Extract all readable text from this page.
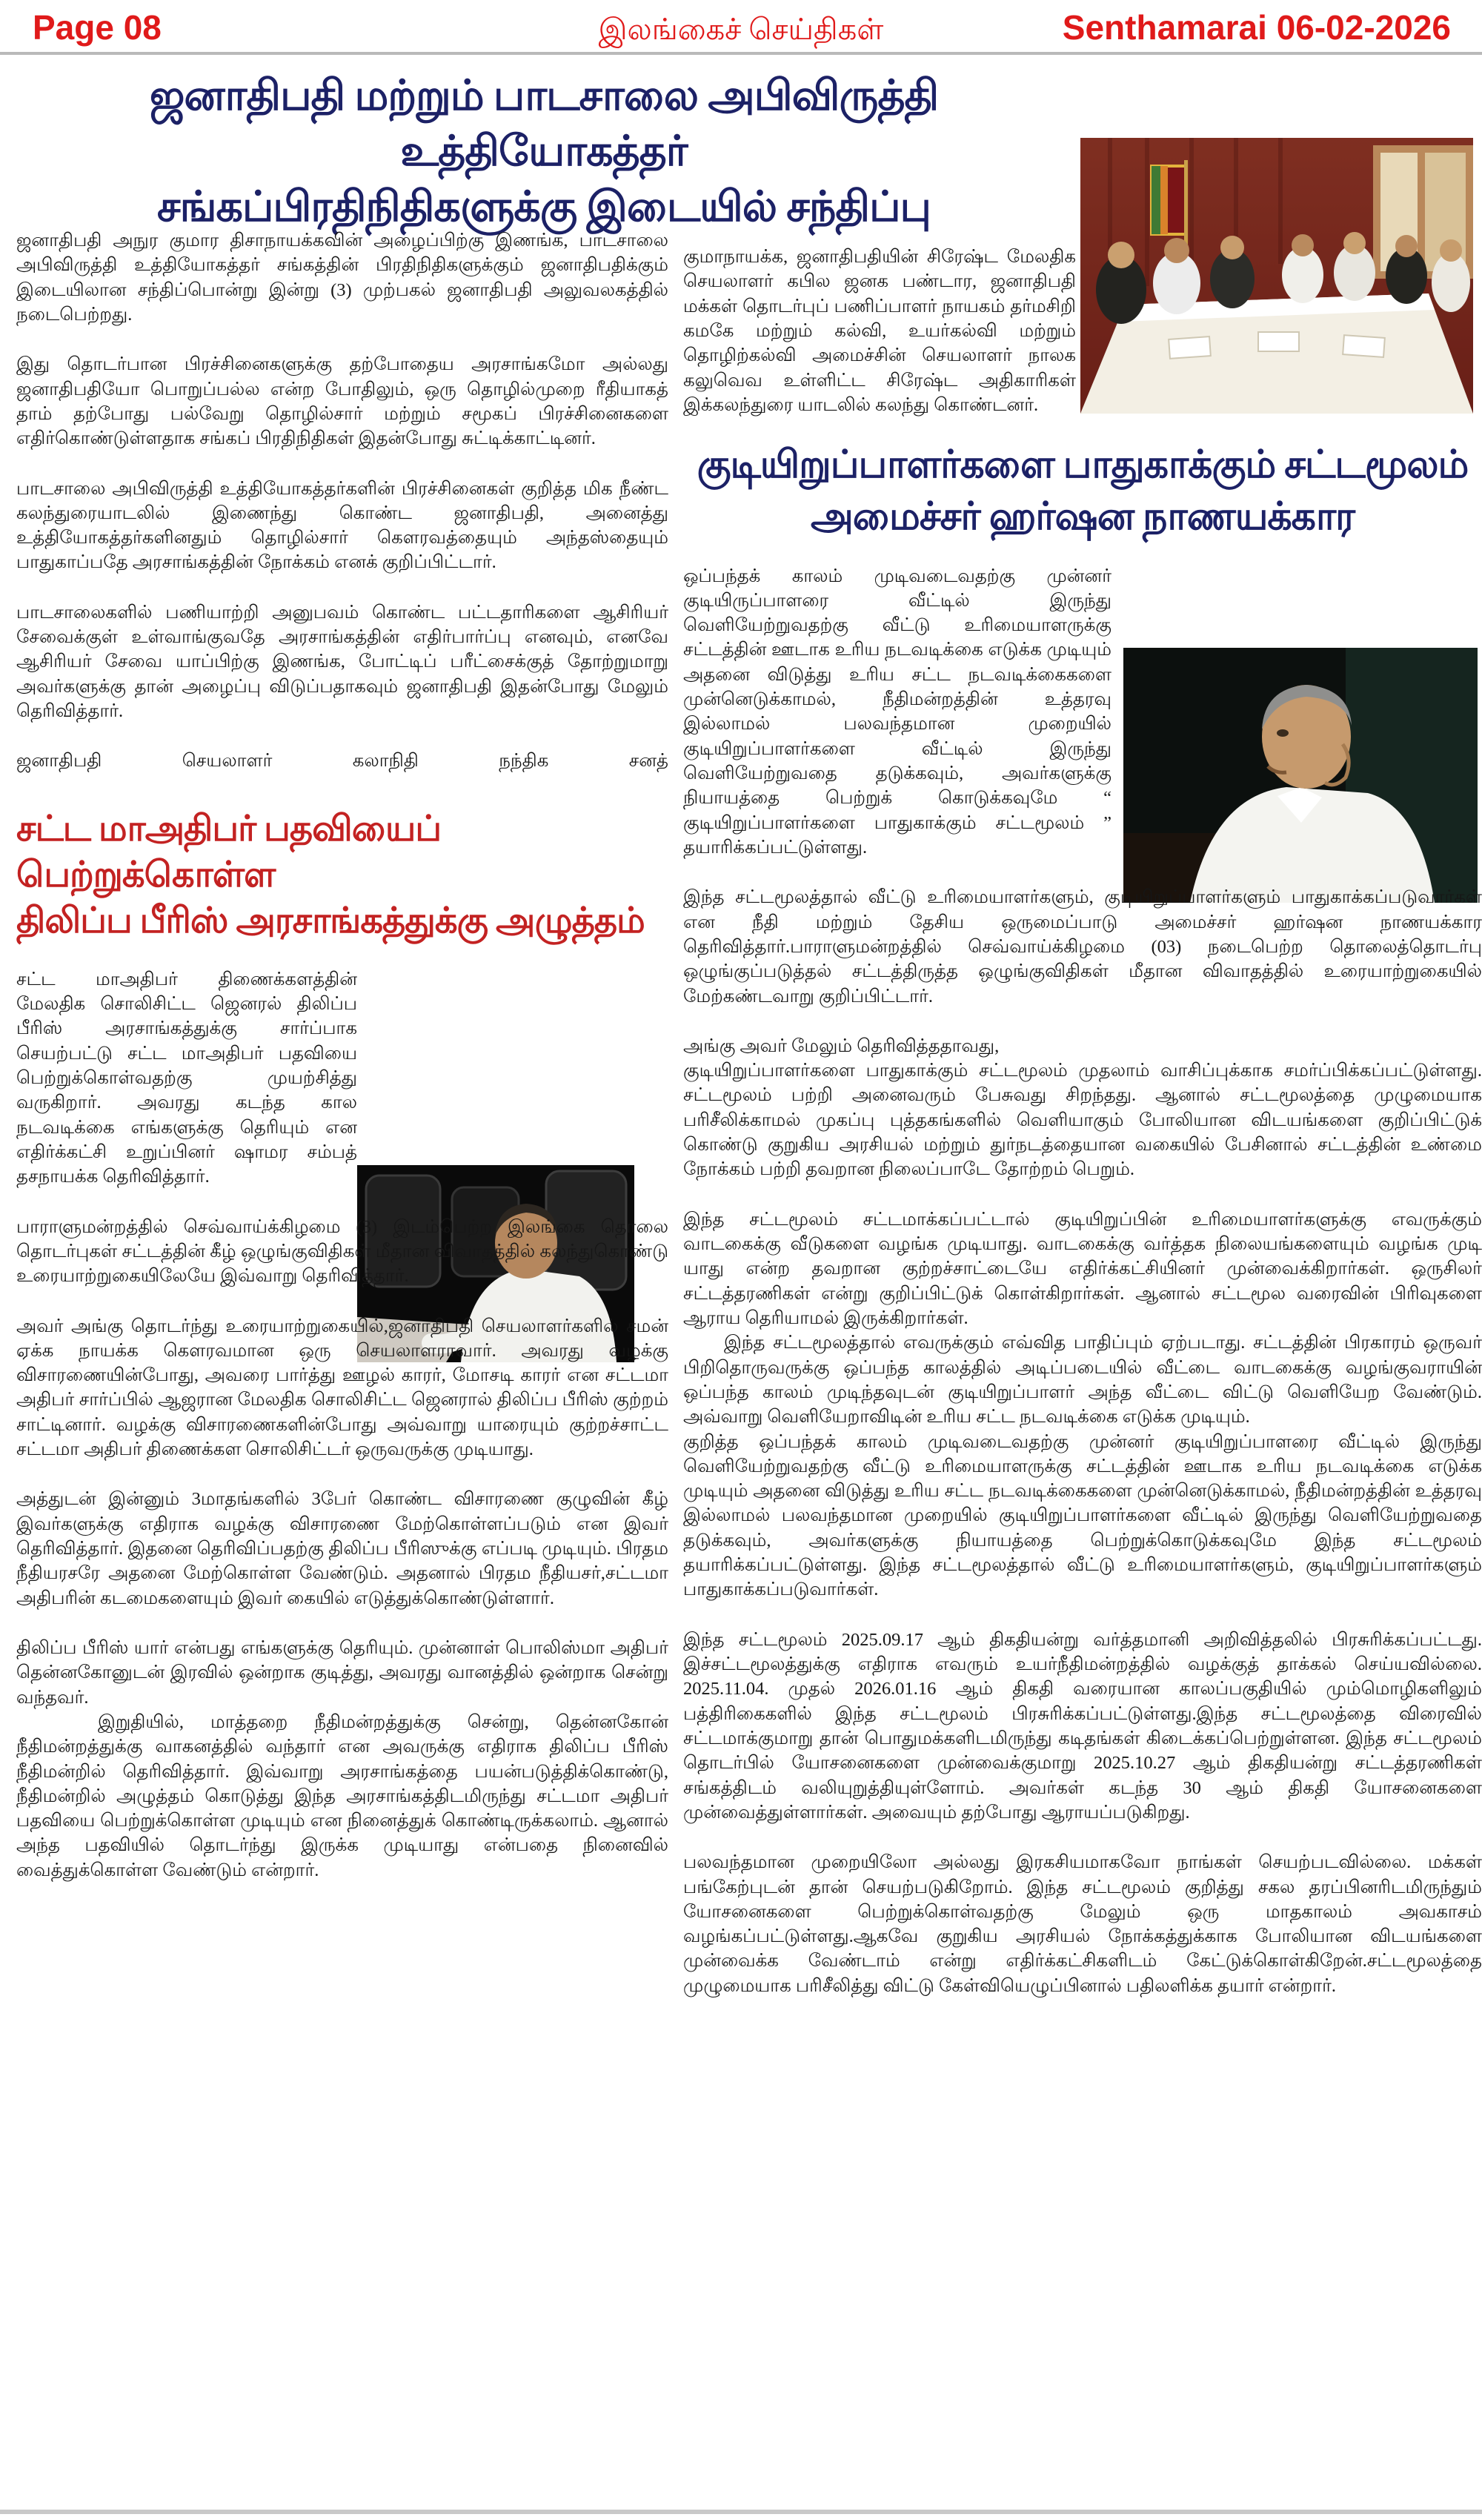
Page 08	இலங்கைச் செய்திகள்	Senthamarai 06-02-2026
ஜனாதிபதி மற்றும் பாடசாலை அபிவிருத்தி உத்தியோகத்தர்
சங்கப்பிரதிநிதிகளுக்கு இடையில் சந்திப்பு

ஜனாதிபதி அநுர குமார திசாநாயக்கவின் அழைப்பிற்கு இணங்க, பாடசாலை அபிவிருத்தி உத்தியோகத்தர் சங்கத்தின் பிரதிநிதிகளுக்கும் ஜனாதிபதிக்கும் இடையிலான சந்திப்பொன்று இன்று (3) முற்பகல் ஜனாதிபதி அலுவலகத்தில் நடைபெற்றது.

இது தொடர்பான பிரச்சினைகளுக்கு தற்போதைய அரசாங்கமோ அல்லது ஜனாதிபதியோ பொறுப்பல்ல என்ற போதிலும், ஒரு தொழில்முறை ரீதியாகத் தாம் தற்போது பல்வேறு தொழில்சார் மற்றும் சமூகப் பிரச்சினைகளை எதிர்கொண்டுள்ளதாக சங்கப் பிரதிநிதிகள் இதன்போது சுட்டிக்காட்டினர்.

பாடசாலை அபிவிருத்தி உத்தியோகத்தர்களின் பிரச்சினைகள் குறித்த மிக நீண்ட கலந்துரையாடலில் இணைந்து கொண்ட ஜனாதிபதி, அனைத்து உத்தியோகத்தர்களினதும் தொழில்சார் கௌரவத்தையும் அந்தஸ்தையும் பாதுகாப்பதே அரசாங்கத்தின் நோக்கம் எனக் குறிப்பிட்டார்.

பாடசாலைகளில் பணியாற்றி அனுபவம் கொண்ட பட்டதாரிகளை ஆசிரியர் சேவைக்குள் உள்வாங்குவதே அரசாங்கத்தின் எதிர்பார்ப்பு எனவும், எனவே ஆசிரியர் சேவை யாப்பிற்கு இணங்க, போட்டிப் பரீட்சைக்குத் தோற்றுமாறு அவர்களுக்கு தான் அழைப்பு விடுப்பதாகவும் ஜனாதிபதி இதன்போது மேலும் தெரிவித்தார்.

ஜனாதிபதி செயலாளர் கலாநிதி நந்திக சனத்

சட்ட மாஅதிபர் பதவியைப் பெற்றுக்கொள்ள
திலிப்ப பீரிஸ் அரசாங்கத்துக்கு அழுத்தம்

சட்ட மாஅதிபர் திணைக்களத்தின் மேலதிக சொலிசிட்ட ஜெனரல் திலிப்ப பீரிஸ் அரசாங்கத்துக்கு சார்ப்பாக செயற்பட்டு சட்ட மாஅதிபர் பதவியை பெற்றுக்கொள்வதற்கு முயற்சித்து வருகிறார். அவரது கடந்த கால நடவடிக்கை எங்களுக்கு தெரியும் என எதிர்க்கட்சி உறுப்பினர் ஷாமர சம்பத் தசநாயக்க தெரிவித்தார்.

பாராளுமன்றத்தில் செவ்வாய்க்கிழமை (3) இடம்பெற்ற இலங்கை தொலை தொடர்புகள் சட்டத்தின் கீழ் ஒழுங்குவிதிகள் மீதான விவாதத்தில் கலந்துகொண்டு உரையாற்றுகையிலேயே இவ்வாறு தெரிவித்தார்.

அவர் அங்கு தொடர்ந்து உரையாற்றுகையில்,ஜனாதிபதி செயலாளர்களில் சமன் ஏக்க நாயக்க கௌரவமான ஒரு செயலாளராவார். அவரது வழக்கு விசாரணையின்போது, அவரை பார்த்து ஊழல் காரர், மோசடி காரர் என சட்டமா அதிபர் சார்ப்பில் ஆஜரான மேலதிக சொலிசிட்ட ஜெனரால் திலிப்ப பீரிஸ் குற்றம் சாட்டினார். வழக்கு விசாரணைகளின்போது அவ்வாறு யாரையும் குற்றச்சாட்ட சட்டமா அதிபர் திணைக்கள சொலிசிட்டர் ஒருவருக்கு முடியாது.

அத்துடன் இன்னும் 3மாதங்களில் 3பேர் கொண்ட விசாரணை குழுவின் கீழ் இவர்களுக்கு எதிராக வழக்கு விசாரணை மேற்கொள்ளப்படும் என இவர் தெரிவித்தார். இதனை தெரிவிப்பதற்கு திலிப்ப பீரிஸுக்கு எப்படி முடியும். பிரதம நீதியரசரே அதனை மேற்கொள்ள வேண்டும். அதனால் பிரதம நீதியசர்,சட்டமா அதிபரின் கடமைகளையும் இவர் கையில் எடுத்துக்கொண்டுள்ளார்.

திலிப்ப பீரிஸ் யார் என்பது எங்களுக்கு தெரியும். முன்னாள் பொலிஸ்மா அதிபர் தென்னகோனுடன் இரவில் ஒன்றாக குடித்து, அவரது வானத்தில் ஒன்றாக சென்று வந்தவர்.

இறுதியில், மாத்தறை நீதிமன்றத்துக்கு சென்று, தென்னகோன் நீதிமன்றத்துக்கு வாகனத்தில் வந்தார் என அவருக்கு எதிராக திலிப்ப பீரிஸ் நீதிமன்றில் தெரிவித்தார். இவ்வாறு அரசாங்கத்தை பயன்படுத்திக்கொண்டு, நீதிமன்றில் அழுத்தம் கொடுத்து இந்த அரசாங்கத்திடமிருந்து சட்டமா அதிபர் பதவியை பெற்றுக்கொள்ள முடியும் என நினைத்துக் கொண்டிருக்கலாம். ஆனால் அந்த பதவியில் தொடர்ந்து இருக்க முடியாது என்பதை நினைவில் வைத்துக்கொள்ள வேண்டும் என்றார்.

குமாநாயக்க, ஜனாதிபதியின் சிரேஷ்ட மேலதிக செயலாளர் கபில ஜனக பண்டார, ஜனாதிபதி மக்கள் தொடர்புப் பணிப்பாளர் நாயகம் தர்மசிறி கமகே மற்றும் கல்வி, உயர்கல்வி மற்றும் தொழிற்கல்வி அமைச்சின் செயலாளர் நாலக கலுவெவ உள்ளிட்ட சிரேஷ்ட அதிகாரிகள் இக்கலந்துரை யாடலில் கலந்து கொண்டனர்.

குடியிறுப்பாளர்களை பாதுகாக்கும் சட்டமூலம்
அமைச்சர் ஹர்ஷன நாணயக்கார

ஒப்பந்தக் காலம் முடிவடைவதற்கு முன்னர் குடியிருப்பாளரை வீட்டில் இருந்து வெளியேற்றுவதற்கு வீட்டு உரிமையாளருக்கு சட்டத்தின் ஊடாக உரிய நடவடிக்கை எடுக்க முடியும் அதனை விடுத்து உரிய சட்ட நடவடிக்கைகளை முன்னெடுக்காமல், நீதிமன்றத்தின் உத்தரவு இல்லாமல் பலவந்தமான முறையில் குடியிறுப்பாளர்களை வீட்டில் இருந்து வெளியேற்றுவதை தடுக்கவும், அவர்களுக்கு நியாயத்தை பெற்றுக் கொடுக்கவுமே “ குடியிறுப்பாளர்களை பாதுகாக்கும் சட்டமூலம் ” தயாரிக்கப்பட்டுள்ளது.

இந்த சட்டமூலத்தால் வீட்டு உரிமையாளர்களும், குடியிறுப்பாளர்களும் பாதுகாக்கப்படுவார்கள் என நீதி மற்றும் தேசிய ஒருமைப்பாடு அமைச்சர் ஹர்ஷன நாணயக்கார தெரிவித்தார்.பாராளுமன்றத்தில் செவ்வாய்க்கிழமை (03) நடைபெற்ற தொலைத்தொடர்பு ஒழுங்குப்படுத்தல் சட்டத்திருத்த ஒழுங்குவிதிகள் மீதான விவாதத்தில் உரையாற்றுகையில் மேற்கண்டவாறு குறிப்பிட்டார்.

அங்கு அவர் மேலும் தெரிவித்ததாவது,

குடியிறுப்பாளர்களை பாதுகாக்கும் சட்டமூலம் முதலாம் வாசிப்புக்காக சமர்ப்பிக்கப்பட்டுள்ளது. சட்டமூலம் பற்றி அனைவரும் பேசுவது சிறந்தது. ஆனால் சட்டமூலத்தை முழுமையாக பரிசீலிக்காமல் முகப்பு புத்தகங்களில் வெளியாகும் போலியான விடயங்களை குறிப்பிட்டுக் கொண்டு குறுகிய அரசியல் மற்றும் துர்நடத்தையான வகையில் பேசினால் சட்டத்தின் உண்மை நோக்கம் பற்றி தவறான நிலைப்பாடே தோற்றம் பெறும்.

இந்த சட்டமூலம் சட்டமாக்கப்பட்டால் குடியிறுப்பின் உரிமையாளர்களுக்கு எவருக்கும் வாடகைக்கு வீடுகளை வழங்க முடியாது. வாடகைக்கு வர்த்தக நிலையங்களையும் வழங்க முடி யாது என்ற தவறான குற்றச்சாட்டையே எதிர்க்கட்சியினர் முன்வைக்கிறார்கள். ஒருசிலர் சட்டத்தரணிகள் என்று குறிப்பிட்டுக் கொள்கிறார்கள். ஆனால் சட்டமூல வரைவின் பிரிவுகளை ஆராய தெரியாமல் இருக்கிறார்கள்.

இந்த சட்டமூலத்தால் எவருக்கும் எவ்வித பாதிப்பும் ஏற்படாது. சட்டத்தின் பிரகாரம் ஒருவர் பிறிதொருவருக்கு ஒப்பந்த காலத்தில் அடிப்படையில் வீட்டை வாடகைக்கு வழங்குவராயின் ஒப்பந்த காலம் முடிந்தவுடன் குடியிறுப்பாளர் அந்த வீட்டை விட்டு வெளியேற வேண்டும். அவ்வாறு வெளியேறாவிடின் உரிய சட்ட நடவடிக்கை எடுக்க முடியும்.

குறித்த ஒப்பந்தக் காலம் முடிவடைவதற்கு முன்னர் குடியிறுப்பாளரை வீட்டில் இருந்து வெளியேற்றுவதற்கு வீட்டு உரிமையாளருக்கு சட்டத்தின் ஊடாக உரிய நடவடிக்கை எடுக்க முடியும் அதனை விடுத்து உரிய சட்ட நடவடிக்கைகளை முன்னெடுக்காமல், நீதிமன்றத்தின் உத்தரவு இல்லாமல் பலவந்தமான முறையில் குடியிறுப்பாளர்களை வீட்டில் இருந்து வெளியேற்றுவதை தடுக்கவும், அவர்களுக்கு நியாயத்தை பெற்றுக்கொடுக்கவுமே இந்த சட்டமூலம் தயாரிக்கப்பட்டுள்ளது. இந்த சட்டமூலத்தால் வீட்டு உரிமையாளர்களும், குடியிறுப்பாளர்களும் பாதுகாக்கப்படுவார்கள்.

இந்த சட்டமூலம் 2025.09.17 ஆம் திகதியன்று வர்த்தமானி அறிவித்தலில் பிரசுரிக்கப்பட்டது. இச்சட்டமூலத்துக்கு எதிராக எவரும் உயர்நீதிமன்றத்தில் வழக்குத் தாக்கல் செய்யவில்லை. 2025.11.04. முதல் 2026.01.16 ஆம் திகதி வரையான காலப்பகுதியில் மும்மொழிகளிலும் பத்திரிகைகளில் இந்த சட்டமூலம் பிரசுரிக்கப்பட்டுள்ளது.இந்த சட்டமூலத்தை விரைவில் சட்டமாக்குமாறு தான் பொதுமக்களிடமிருந்து கடிதங்கள் கிடைக்கப்பெற்றுள்ளன. இந்த சட்டமூலம் தொடர்பில் யோசனைகளை முன்வைக்குமாறு 2025.10.27 ஆம் திகதியன்று சட்டத்தரணிகள் சங்கத்திடம் வலியுறுத்தியுள்ளோம். அவர்கள் கடந்த 30 ஆம் திகதி யோசனைகளை முன்வைத்துள்ளார்கள். அவையும் தற்போது ஆராயப்படுகிறது.

பலவந்தமான முறையிலோ அல்லது இரகசியமாகவோ நாங்கள் செயற்படவில்லை. மக்கள் பங்கேற்புடன் தான் செயற்படுகிறோம். இந்த சட்டமூலம் குறித்து சகல தரப்பினரிடமிருந்தும் யோசனைகளை பெற்றுக்கொள்வதற்கு மேலும் ஒரு மாதகாலம் அவகாசம் வழங்கப்பட்டுள்ளது.ஆகவே குறுகிய அரசியல் நோக்கத்துக்காக போலியான விடயங்களை முன்வைக்க வேண்டாம் என்று எதிர்க்கட்சிகளிடம் கேட்டுக்கொள்கிறேன்.சட்டமூலத்தை முழுமையாக பரிசீலித்து விட்டு கேள்வியெழுப்பினால் பதிலளிக்க தயார் என்றார்.
